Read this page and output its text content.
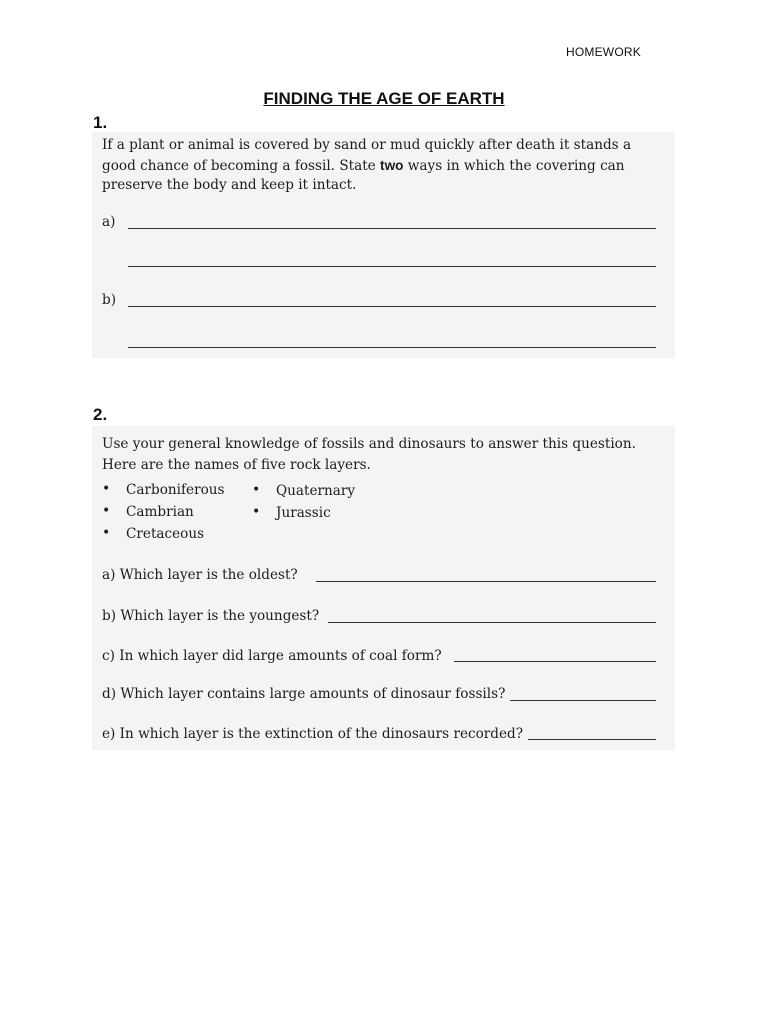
HOMEWORK
FINDING THE AGE OF EARTH
1.
If a plant or animal is covered by sand or mud quickly after death it stands a good chance of becoming a fossil. State two ways in which the covering can preserve the body and keep it intact.
a)
b)
2.
Use your general knowledge of fossils and dinosaurs to answer this question.
Here are the names of five rock layers.
• Carboniferous • Quaternary
• Cambrian	• Jurassic
• Cretaceous
a) Which layer is the oldest?
b) Which layer is the youngest?
c) In which layer did large amounts of coal form?
d) Which layer contains large amounts of dinosaur fossils?
e) In which layer is the extinction of the dinosaurs recorded?
